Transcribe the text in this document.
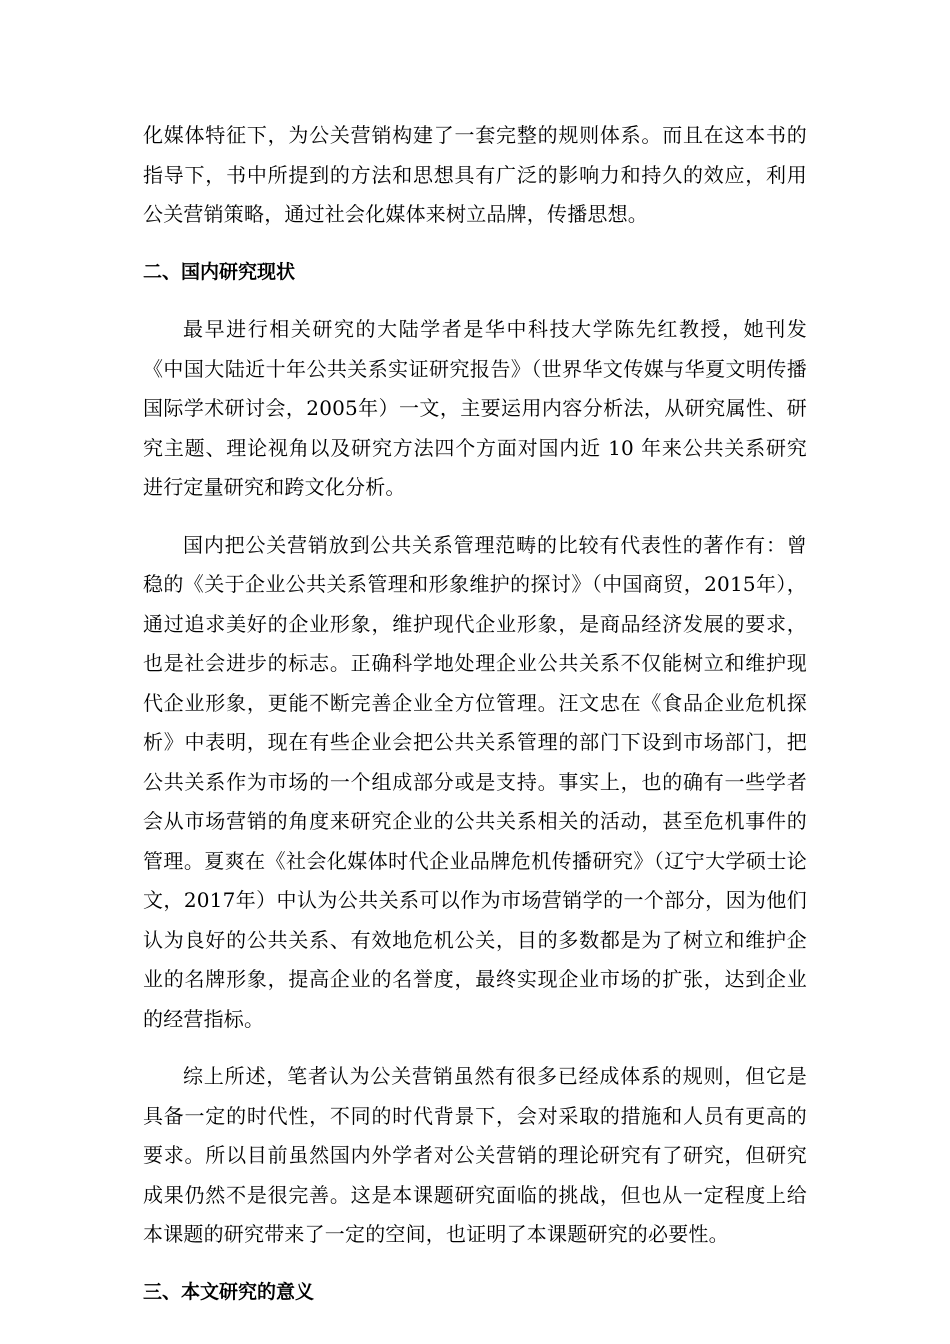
化媒体特征下，为公关营销构建了一套完整的规则体系。而且在这本书的指导下，书中所提到的方法和思想具有广泛的影响力和持久的效应，利用公关营销策略，通过社会化媒体来树立品牌，传播思想。

二、国内研究现状

最早进行相关研究的大陆学者是华中科技大学陈先红教授，她刊发《中国大陆近十年公共关系实证研究报告》（世界华文传媒与华夏文明传播国际学术研讨会，2005年）一文，主要运用内容分析法，从研究属性、研究主题、理论视角以及研究方法四个方面对国内近 10 年来公共关系研究进行定量研究和跨文化分析。

国内把公关营销放到公共关系管理范畴的比较有代表性的著作有：曾稳的《关于企业公共关系管理和形象维护的探讨》（中国商贸，2015年），通过追求美好的企业形象，维护现代企业形象，是商品经济发展的要求，也是社会进步的标志。正确科学地处理企业公共关系不仅能树立和维护现代企业形象，更能不断完善企业全方位管理。汪文忠在《食品企业危机探析》中表明，现在有些企业会把公共关系管理的部门下设到市场部门，把公共关系作为市场的一个组成部分或是支持。事实上，也的确有一些学者会从市场营销的角度来研究企业的公共关系相关的活动，甚至危机事件的管理。夏爽在《社会化媒体时代企业品牌危机传播研究》（辽宁大学硕士论文，2017年）中认为公共关系可以作为市场营销学的一个部分，因为他们认为良好的公共关系、有效地危机公关，目的多数都是为了树立和维护企业的名牌形象，提高企业的名誉度，最终实现企业市场的扩张，达到企业的经营指标。

综上所述，笔者认为公关营销虽然有很多已经成体系的规则，但它是具备一定的时代性，不同的时代背景下，会对采取的措施和人员有更高的要求。所以目前虽然国内外学者对公关营销的理论研究有了研究，但研究成果仍然不是很完善。这是本课题研究面临的挑战，但也从一定程度上给本课题的研究带来了一定的空间，也证明了本课题研究的必要性。

三、本文研究的意义
